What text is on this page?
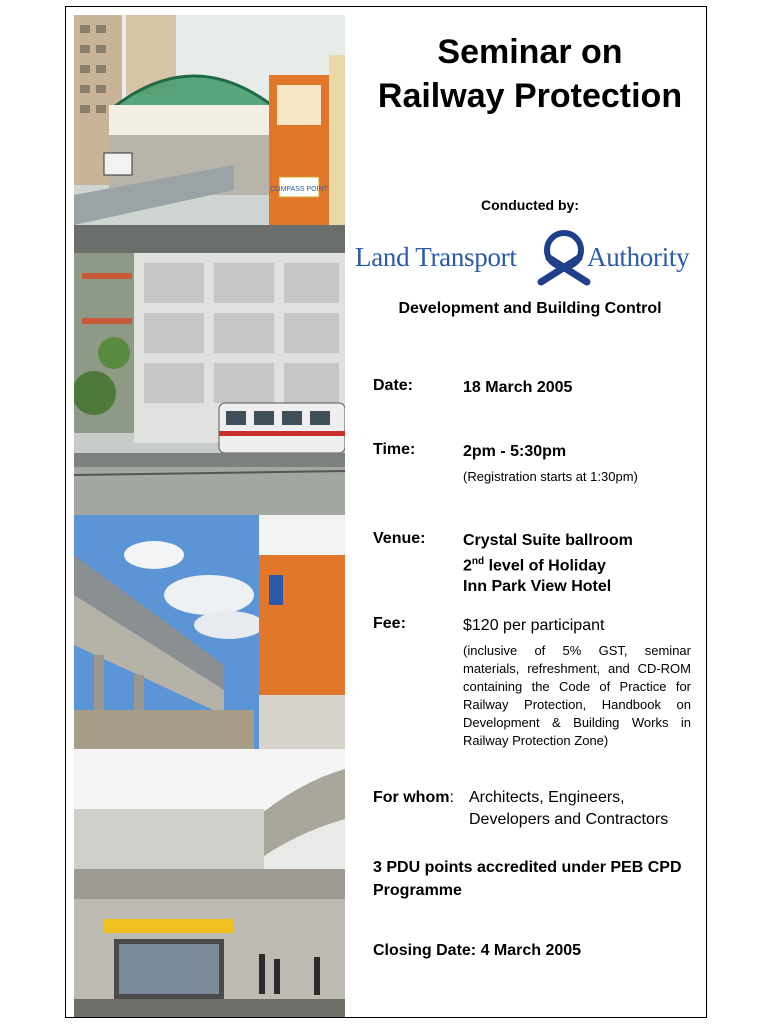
COMPASS POINT
Seminar on
Railway Protection
Conducted by:
Land Transport	Authority
Development and Building Control
Date:	18 March 2005
Time:	2pm - 5:30pm
(Registration starts at 1:30pm)
Venue: Crystal Suite ballroom
2nd level of Holiday
Inn Park View Hotel
Fee:	$120 per participant
(inclusive of 5% GST, seminar materials, refreshment, and CD-ROM containing the Code of Practice for Railway Protection, Handbook on Development & Building Works in Railway Protection Zone)
For whom: Architects, Engineers,
Developers and Contractors
3 PDU points accredited under PEB CPD Programme
Closing Date: 4 March 2005
